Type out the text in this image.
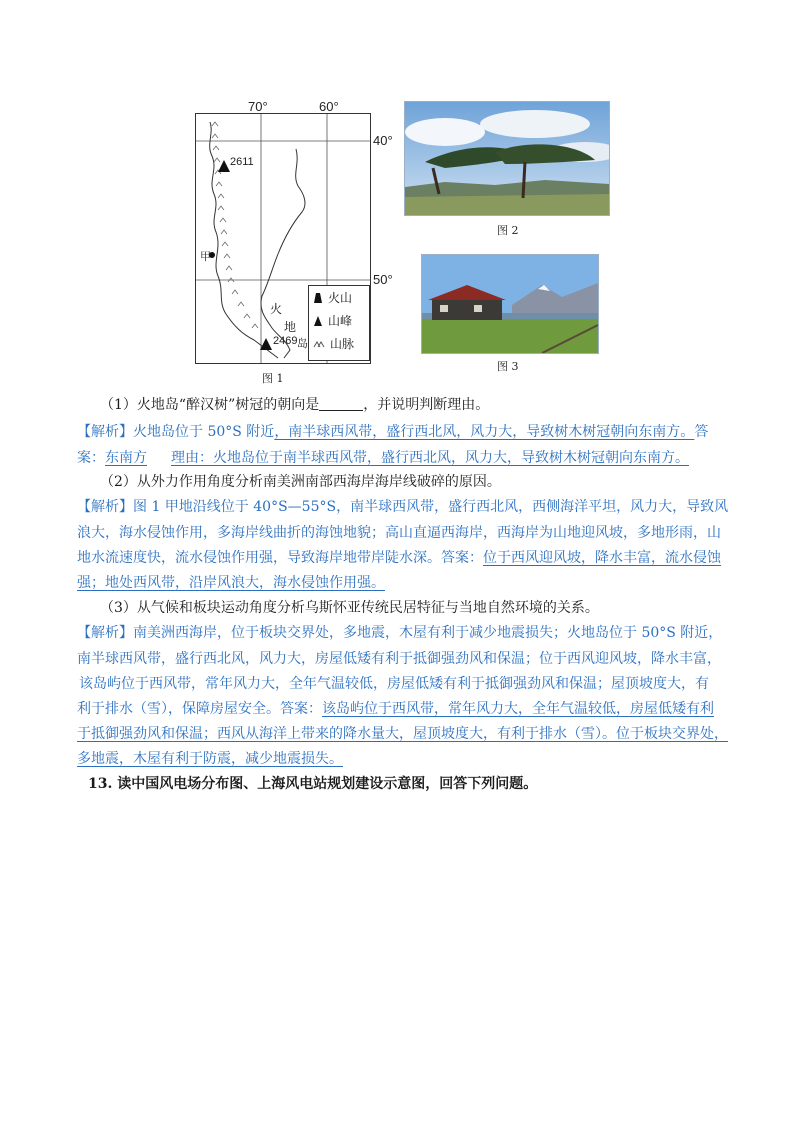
70°	60°
40°
50°
2611
2469 岛
甲
火
地
火山
山峰
山脉
图 1
图 2
图 3
（1）火地岛“醉汉树”树冠的朝向是	，并说明判断理由。
【解析】火地岛位于 50°S 附近，南半球西风带，盛行西北风，风力大，导致树木树冠朝向东南方。答
案：东南方 理由：火地岛位于南半球西风带，盛行西北风，风力大，导致树木树冠朝向东南方。
（2）从外力作用角度分析南美洲南部西海岸海岸线破碎的原因。
【解析】图 1 甲地沿线位于 40°S—55°S，南半球西风带，盛行西北风，西侧海洋平坦，风力大，导致风
浪大，海水侵蚀作用，多海岸线曲折的海蚀地貌；高山直逼西海岸，西海岸为山地迎风坡，多地形雨，山
地水流速度快，流水侵蚀作用强，导致海岸地带岸陡水深。答案：位于西风迎风坡，降水丰富，流水侵蚀
强；地处西风带，沿岸风浪大，海水侵蚀作用强。
（3）从气候和板块运动角度分析乌斯怀亚传统民居特征与当地自然环境的关系。
【解析】南美洲西海岸，位于板块交界处，多地震，木屋有利于减少地震损失；火地岛位于 50°S 附近，
南半球西风带，盛行西北风，风力大，房屋低矮有利于抵御强劲风和保温；位于西风迎风坡，降水丰富，
该岛屿位于西风带，常年风力大，全年气温较低，房屋低矮有利于抵御强劲风和保温；屋顶坡度大，有
利于排水（雪），保障房屋安全。答案：该岛屿位于西风带，常年风力大，全年气温较低，房屋低矮有利
于抵御强劲风和保温；西风从海洋上带来的降水量大，屋顶坡度大，有利于排水（雪）。位于板块交界处，
多地震，木屋有利于防震，减少地震损失。
13. 读中国风电场分布图、上海风电站规划建设示意图，回答下列问题。
